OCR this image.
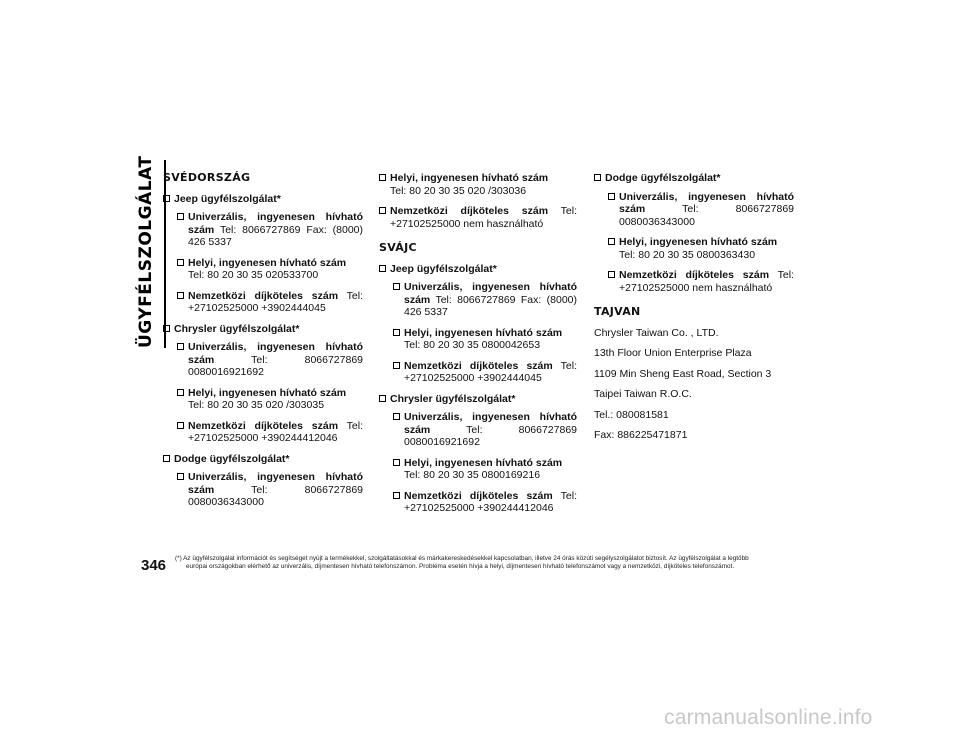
ÜGYFÉLSZOLGÁLAT SVÉDORSZÁG
Jeep ügyfélszolgálat*
Univerzális, ingyenesen hívható szám Tel: 8066727869 Fax: (8000) 426 5337
Helyi, ingyenesen hívható szám
Tel: 80 20 30 35 020533700
Nemzetközi díjköteles szám Tel: +27102525000 +3902444045
Chrysler ügyfélszolgálat*
Univerzális, ingyenesen hívható szám	Tel: 8066727869 0080016921692
Helyi, ingyenesen hívható szám
Tel: 80 20 30 35 020 /303035
Nemzetközi díjköteles szám Tel: +27102525000 +390244412046
Dodge ügyfélszolgálat*
Univerzális, ingyenesen hívható szám	Tel: 8066727869 0080036343000
Helyi, ingyenesen hívható szám
Tel: 80 20 30 35 020 /303036
Nemzetközi díjköteles szám Tel: +27102525000 nem használható
SVÁJC
Jeep ügyfélszolgálat*
Univerzális, ingyenesen hívható szám Tel: 8066727869 Fax: (8000) 426 5337
Helyi, ingyenesen hívható szám
Tel: 80 20 30 35 0800042653
Nemzetközi díjköteles szám Tel: +27102525000 +3902444045
Chrysler ügyfélszolgálat*
Univerzális, ingyenesen hívható szám	Tel: 8066727869 0080016921692
Helyi, ingyenesen hívható szám
Tel: 80 20 30 35 0800169216
Nemzetközi díjköteles szám Tel: +27102525000 +390244412046
Dodge ügyfélszolgálat*
Univerzális, ingyenesen hívható szám	Tel: 8066727869 0080036343000
Helyi, ingyenesen hívható szám
Tel: 80 20 30 35 0800363430
Nemzetközi díjköteles szám Tel: +27102525000 nem használható
TAJVAN
Chrysler Taiwan Co. , LTD.
13th Floor Union Enterprise Plaza
1109 Min Sheng East Road, Section 3
Taipei Taiwan R.O.C.
Tel.: 080081581
Fax: 886225471871
346 (*) Az ügyfélszolgálat információt és segítséget nyújt a termékekkel, szolgáltatásokkal és márkakereskedésekkel kapcsolatban, illetve 24 órás közúti segélyszolgálatot biztosít. Az ügyfélszolgálat a legtöbb
európai országokban elérhető az univerzális, díjmentesen hívható telefonszámon. Probléma esetén hívja a helyi, díjmentesen hívható telefonszámot vagy a nemzetközi, díjköteles telefonszámot.
carmanualsonline.info
